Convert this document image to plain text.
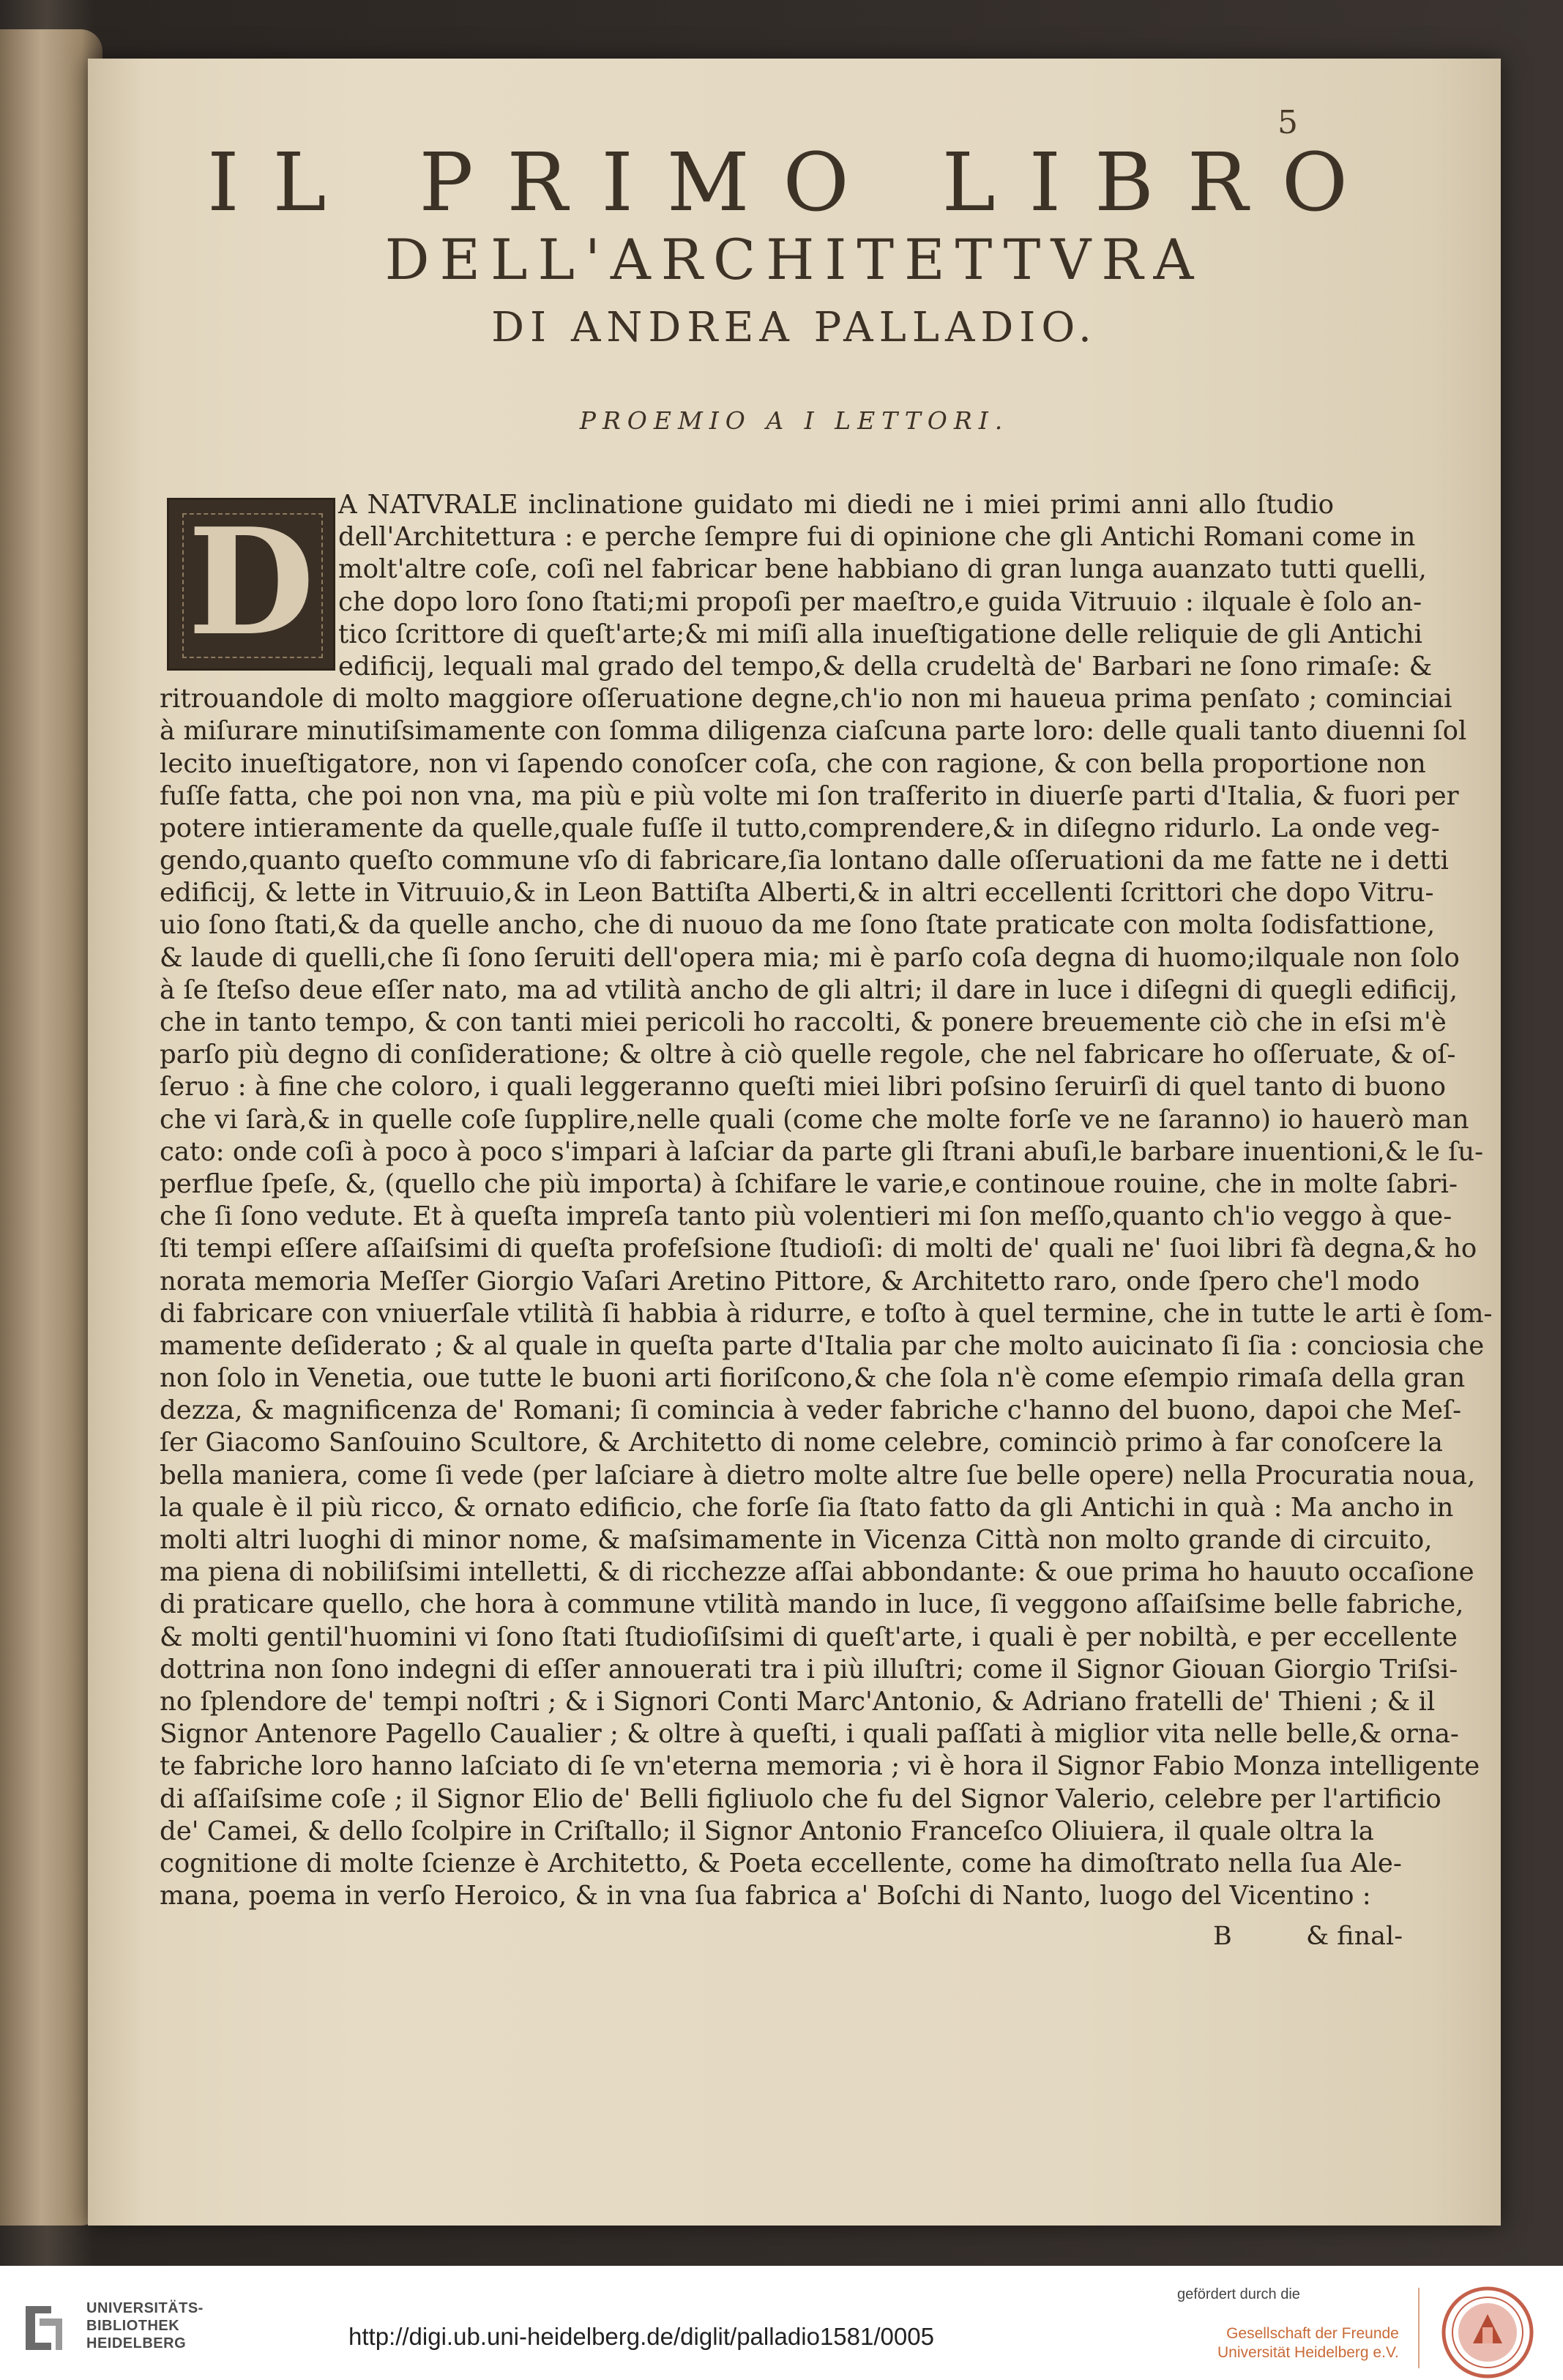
5
IL PRIMO LIBRO
DELL'ARCHITETTVRA
DI ANDREA PALLADIO.
PROEMIO A I LETTORI.
D A NATVRALE inclinatione guidato mi diedi ne i miei primi anni allo ſtudio
dell'Architettura : e perche ſempre fui di opinione che gli Antichi Romani come in
molt'altre coſe, coſi nel fabricar bene habbiano di gran lunga auanzato tutti quelli,
che dopo loro ſono ſtati;mi propoſi per maeſtro,e guida Vitruuio : ilquale è ſolo an-
tico ſcrittore di queſt'arte;& mi miſi alla inueſtigatione delle reliquie de gli Antichi
edificij, lequali mal grado del tempo,& della crudeltà de' Barbari ne ſono rimaſe: &
ritrouandole di molto maggiore oſſeruatione degne,ch'io non mi haueua prima penſato ; cominciai
à miſurare minutiſsimamente con ſomma diligenza ciaſcuna parte loro: delle quali tanto diuenni ſol
lecito inueſtigatore, non vi ſapendo conoſcer coſa, che con ragione, & con bella proportione non
fuſſe fatta, che poi non vna, ma più e più volte mi ſon traſferito in diuerſe parti d'Italia, & fuori per
potere intieramente da quelle,quale fuſſe il tutto,comprendere,& in diſegno ridurlo. La onde veg-
gendo,quanto queſto commune vſo di fabricare,ſia lontano dalle oſſeruationi da me fatte ne i detti
edificij, & lette in Vitruuio,& in Leon Battiſta Alberti,& in altri eccellenti ſcrittori che dopo Vitru-
uio ſono ſtati,& da quelle ancho, che di nuouo da me ſono ſtate praticate con molta ſodisfattione,
& laude di quelli,che ſi ſono ſeruiti dell'opera mia; mi è parſo coſa degna di huomo;ilquale non ſolo
à ſe ſteſso deue eſſer nato, ma ad vtilità ancho de gli altri; il dare in luce i diſegni di quegli edificij,
che in tanto tempo, & con tanti miei pericoli ho raccolti, & ponere breuemente ciò che in eſsi m'è
parſo più degno di conſideratione; & oltre à ciò quelle regole, che nel fabricare ho oſſeruate, & oſ-
ſeruo : à fine che coloro, i quali leggeranno queſti miei libri poſsino ſeruirſi di quel tanto di buono
che vi ſarà,& in quelle coſe ſupplire,nelle quali (come che molte forſe ve ne ſaranno) io hauerò man
cato: onde coſi à poco à poco s'impari à laſciar da parte gli ſtrani abuſi,le barbare inuentioni,& le ſu-
perflue ſpeſe, &, (quello che più importa) à ſchifare le varie,e continoue rouine, che in molte ſabri-
che ſi ſono vedute. Et à queſta impreſa tanto più volentieri mi ſon meſſo,quanto ch'io veggo à que-
ſti tempi eſſere aſſaiſsimi di queſta profeſsione ſtudioſi: di molti de' quali ne' ſuoi libri fà degna,& ho
norata memoria Meſſer Giorgio Vaſari Aretino Pittore, & Architetto raro, onde ſpero che'l modo
di fabricare con vniuerſale vtilità ſi habbia à ridurre, e toſto à quel termine, che in tutte le arti è ſom-
mamente deſiderato ; & al quale in queſta parte d'Italia par che molto auicinato ſi ſia : conciosia che
non ſolo in Venetia, oue tutte le buoni arti fioriſcono,& che ſola n'è come eſempio rimaſa della gran
dezza, & magnificenza de' Romani; ſi comincia à veder fabriche c'hanno del buono, dapoi che Meſ-
ſer Giacomo Sanſouino Scultore, & Architetto di nome celebre, cominciò primo à far conoſcere la
bella maniera, come ſi vede (per laſciare à dietro molte altre ſue belle opere) nella Procuratia noua,
la quale è il più ricco, & ornato edificio, che forſe ſia ſtato fatto da gli Antichi in quà : Ma ancho in
molti altri luoghi di minor nome, & maſsimamente in Vicenza Città non molto grande di circuito,
ma piena di nobiliſsimi intelletti, & di ricchezze aſſai abbondante: & oue prima ho hauuto occaſione
di praticare quello, che hora à commune vtilità mando in luce, ſi veggono aſſaiſsime belle fabriche,
& molti gentil'huomini vi ſono ſtati ſtudioſiſsimi di queſt'arte, i quali è per nobiltà, e per eccellente
dottrina non ſono indegni di eſſer annouerati tra i più illuſtri; come il Signor Giouan Giorgio Triſsi-
no ſplendore de' tempi noſtri ; & i Signori Conti Marc'Antonio, & Adriano fratelli de' Thieni ; & il
Signor Antenore Pagello Caualier ; & oltre à queſti, i quali paſſati à miglior vita nelle belle,& orna-
te fabriche loro hanno laſciato di ſe vn'eterna memoria ; vi è hora il Signor Fabio Monza intelligente
di aſſaiſsime coſe ; il Signor Elio de' Belli figliuolo che fu del Signor Valerio, celebre per l'artificio
de' Camei, & dello ſcolpire in Criſtallo; il Signor Antonio Franceſco Oliuiera, il quale oltra la
cognitione di molte ſcienze è Architetto, & Poeta eccellente, come ha dimoſtrato nella ſua Ale-
mana, poema in verſo Heroico, & in vna ſua fabrica a' Boſchi di Nanto, luogo del Vicentino :
B	& final-
UNIVERSITÄTS-
BIBLIOTHEK
HEIDELBERG	http://digi.ub.uni-heidelberg.de/diglit/palladio1581/0005
gefördert durch die
Gesellschaft der Freunde
Universität Heidelberg e.V.
